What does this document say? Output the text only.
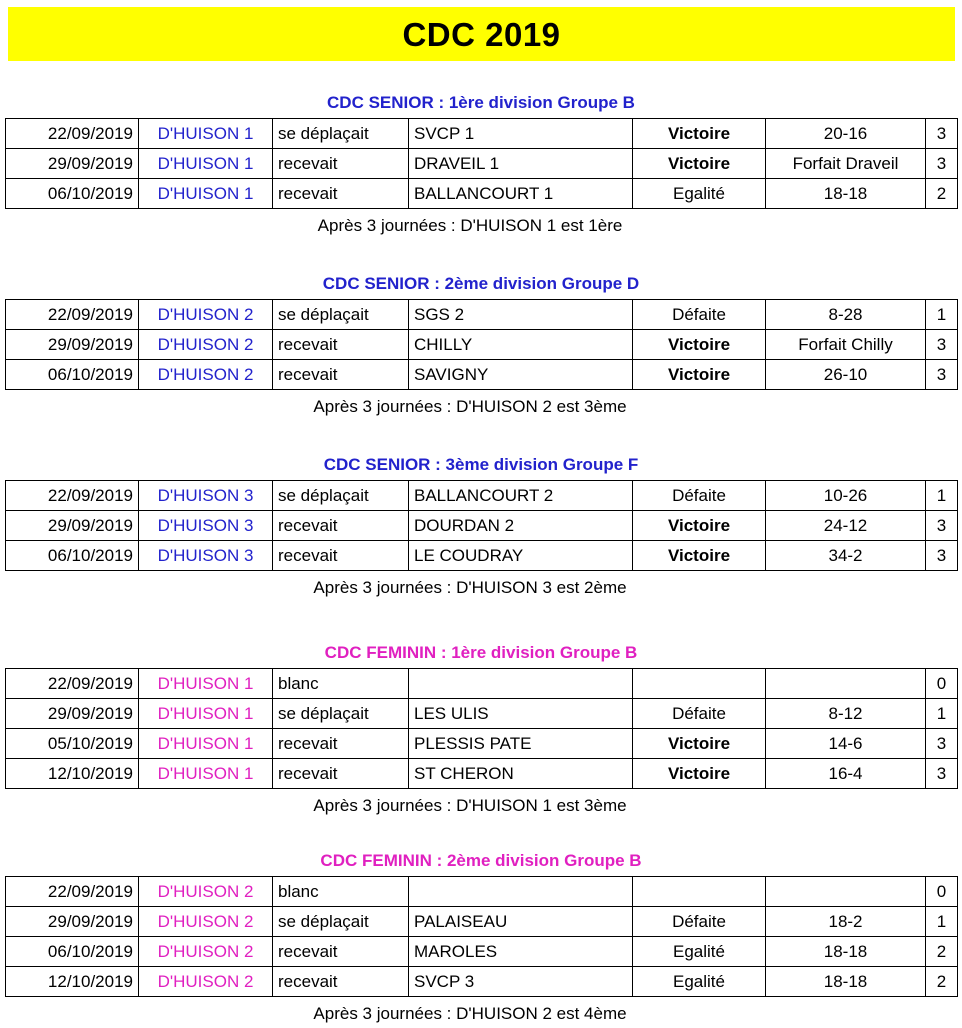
CDC 2019
CDC SENIOR : 1ère division Groupe B
22/09/2019	D'HUISON 1	se déplaçait	SVCP 1	Victoire	20-16	3
29/09/2019	D'HUISON 1	recevait	DRAVEIL 1	Victoire	Forfait Draveil	3
06/10/2019	D'HUISON 1	recevait	BALLANCOURT 1	Egalité	18-18	2
Après 3 journées : D'HUISON 1 est 1ère
CDC SENIOR : 2ème division Groupe D
22/09/2019	D'HUISON 2	se déplaçait	SGS 2	Défaite	8-28	1
29/09/2019	D'HUISON 2	recevait	CHILLY	Victoire	Forfait Chilly	3
06/10/2019	D'HUISON 2	recevait	SAVIGNY	Victoire	26-10	3
Après 3 journées : D'HUISON 2 est 3ème
CDC SENIOR : 3ème division Groupe F
22/09/2019	D'HUISON 3	se déplaçait	BALLANCOURT 2	Défaite	10-26	1
29/09/2019	D'HUISON 3	recevait	DOURDAN 2	Victoire	24-12	3
06/10/2019	D'HUISON 3	recevait	LE COUDRAY	Victoire	34-2	3
Après 3 journées : D'HUISON 3 est 2ème
CDC FEMININ : 1ère division Groupe B
22/09/2019	D'HUISON 1	blanc				0
29/09/2019	D'HUISON 1	se déplaçait	LES ULIS	Défaite	8-12	1
05/10/2019	D'HUISON 1	recevait	PLESSIS PATE	Victoire	14-6	3
12/10/2019	D'HUISON 1	recevait	ST CHERON	Victoire	16-4	3
Après 3 journées : D'HUISON 1 est 3ème
CDC FEMININ : 2ème division Groupe B
22/09/2019	D'HUISON 2	blanc				0
29/09/2019	D'HUISON 2	se déplaçait	PALAISEAU	Défaite	18-2	1
06/10/2019	D'HUISON 2	recevait	MAROLES	Egalité	18-18	2
12/10/2019	D'HUISON 2	recevait	SVCP 3	Egalité	18-18	2
Après 3 journées : D'HUISON 2 est 4ème
